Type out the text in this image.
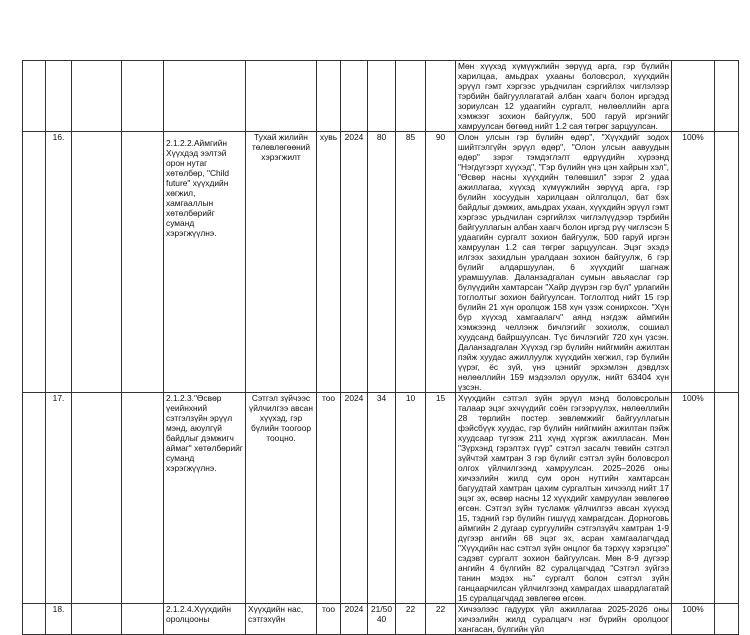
											Мөн хүүхэд хүмүүжлийн зөрүүд арга, гэр бүлийн харилцаа, амьдрах ухааны боловсрол, хүүхдийн эрүүл гэмт хэргээс урьдчилан сэргийлэх чиглэлээр тэрбийн байгууллагатай албан хаагч болон иргэдэд зориулсан 12 удаагийн сургалт, нөлөөллийн арга хэмжээг зохион байгуулж, 500 гаруй иргэнийг хамруулсан бөгөөд нийт 1.2 сая төгрөг зарцуулсан.		
	16.			2.1.2.2.Аймгийн Хүүхдэд ээлтэй орон нутаг хөтөлбөр, "Child future" хүүхдийн хөгжил, хамгааллын хөтөлбөрийг суманд хэрэгжүүлнэ.	Тухай жилийн төлөвлөгөөний хэрэгжилт	хувь	2024	80	85	90	Олон улсын гэр бүлийн өдөр", "Хүүхдийг зодох шийтгэлгүйн эрүүл өдөр", "Олон улсын аавуудын өдөр" зэрэг тэмдэглэлт өдрүүдийн хүрээнд "Нэгдүгээрт хүүхэд", "Гэр бүлийн үнэ цэн хайрын хэл", "Өсвөр насны хүүхдийн төлөвшил" зэрэг 2 удаа ажиллагаа, хүүхэд хүмүүжлийн зөрүүд арга, гэр бүлийн хосуудын харилцаан ойлголцол, бат бэх байдлыг дэмжих, амьдрах ухаан, хүүхдийн эрүүл гэмт хэргээс урьдчилан сэргийлэх чиглэлүүдээр тэрбийн байгууллагын албан хаагч болон иргэд рүү чиглэсэн 5 удаагийн сургалт зохион байгуулж, 500 гаруй иргэн хамруулан 1.2 сая төгрөг зарцуулсан. Эцэг эхэдэ илгээх захидлын уралдаан зохион байгуулж, 6 гэр бүлийг алдаршуулан, 6 хүүхдийг шагнаж урамшуулав. Даланзадгалан сумын авьяаслаг гэр бүлүүдийн хамтарсан "Хайр дүүрэн гэр бүл" урлагийн тоглолтыг зохион байгуулсан. Тоглолтод нийт 15 гэр бүлийн 21 хүн оролцож 158 хүн үзэж сонирхсон. "Хүн бүр хүүхэд хамгаалагч" аянд нэгдэж аймгийн хэмжээнд челлэнж бичлэгийг зохиолж, сошиал хуудсанд байршуулсан. Түс бичлэгийг 720 хүн үзсэн. Даланзадгалан Хүүхэд гэр бүлийн нийгмийн ажилтан пэйж хуудас ажиллуулж хүүхдийн хөгжил, гэр бүлийн үүрэг, ёс зүй, үнэ цэнийг эрхэмлэн дэвдлэх нөлөөллийн 159 мэдээлэл оруулж, нийт 63404 хүн үзсэн.	100%	
	17.			2.1.2.3."Өсвөр үеийнхний сэтгэлзүйн эрүүл мэнд, аюулгүй байдлыг дэмжигч аймаг" хөтөлбөрийг суманд хэрэгжүүлнэ.	Сэтгэл зүйчээс үйлчилгээ авсан хүүхэд, гэр бүлийн тоогоор тооцно.	тоо	2024	34	10	15	Хүүхдийн сэтгэл зүйн эрүүл мэнд боловсролын талаар эцэг эхчүүдийг соён гэгээрүүлэх, нөлөөллийн 28 төрлийн постер зөвлөмжийг байгууллагын фэйсбүүк хуудас, гэр бүлийн нийгмийн ажилтан пэйж хуудсаар түгээж 211 хүнд хүргэж ажилласан. Мөн "Зүрхэнд гэрэлтэх гүүр" сэтгэл засалч төвийн сэтгэл зүйчтэй хамтран 3 гэр бүлийг сэтгэл зүйн боловсрол олгох үйлчилгээнд хамруулсан. 2025–2026 оны хичээлийн жилд сум орон нутгийн хамтарсан багуудтай хамтран цахим сургалтын хичээлд нийт 17 эцэг эх, өсвөр насны 12 хүүхдийг хамруулан зөвлөгөө өгсөн. Сэтгэл зүйн тусламж үйлчилгээ авсан хүүхэд 15, тэдний гэр бүлийн гишүүд хамрагдсан. Дорноговь аймгийн 2 дугаар сургуулийн сэтгэлзүйч хамтран 1-9 дүгээр ангийн 68 эцэг эх, асран хамгаалагчдад "Хүүхдийн нас сэтгэл зүйн онцлог ба тэрхүү хэрэгцээ" сэдэвт сургалт зохион байгуулсан. Мөн 8-9 дүгээр ангийн 4 бүлгийн 82 суралцагчдад "Сэтгэл зүйгээ танин мэдэх нь" сургалт болон сэтгэл зүйн ганцаарчилсан үйлчилгээнд хамрагдах шаардлагатай 15 суралцагчдад зөвлөгөө өгсөн.	100%	
	18.			2.1.2.4.Хүүхдийн оролцооны	Хүүхдийн нас, сэтгэхүйн	тоо	2024	21/50 40	22	22	Хичээлээс гадуурх үйл ажиллагаа 2025-2026 оны хичээлийн жилд суралцагч нэг бүрийн оролцоог хангасан, бүлгийн үйл	100%	
